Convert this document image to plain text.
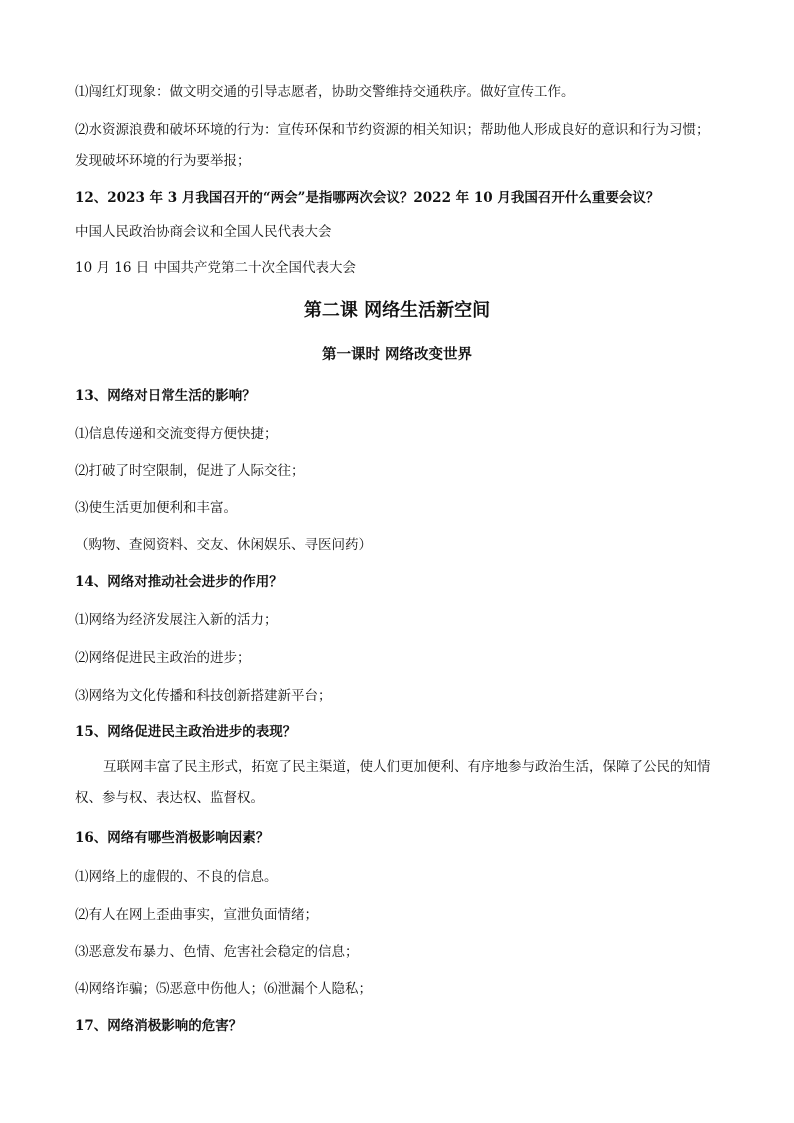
⑴闯红灯现象：做文明交通的引导志愿者，协助交警维持交通秩序。做好宣传工作。
⑵水资源浪费和破坏环境的行为：宣传环保和节约资源的相关知识；帮助他人形成良好的意识和行为习惯；
发现破坏环境的行为要举报；
12、2023 年 3 月我国召开的“两会”是指哪两次会议？2022 年 10 月我国召开什么重要会议？
中国人民政治协商会议和全国人民代表大会
10 月 16 日 中国共产党第二十次全国代表大会
第二课 网络生活新空间
第一课时 网络改变世界
13、网络对日常生活的影响？
⑴信息传递和交流变得方便快捷；
⑵打破了时空限制，促进了人际交往；
⑶使生活更加便利和丰富。
（购物、查阅资料、交友、休闲娱乐、寻医问药）
14、网络对推动社会进步的作用？
⑴网络为经济发展注入新的活力；
⑵网络促进民主政治的进步；
⑶网络为文化传播和科技创新搭建新平台；
15、网络促进民主政治进步的表现？
互联网丰富了民主形式，拓宽了民主渠道，使人们更加便利、有序地参与政治生活，保障了公民的知情权、参与权、表达权、监督权。
16、网络有哪些消极影响因素？
⑴网络上的虚假的、不良的信息。
⑵有人在网上歪曲事实，宣泄负面情绪；
⑶恶意发布暴力、色情、危害社会稳定的信息；
⑷网络诈骗；⑸恶意中伤他人；⑹泄漏个人隐私；
17、网络消极影响的危害？
